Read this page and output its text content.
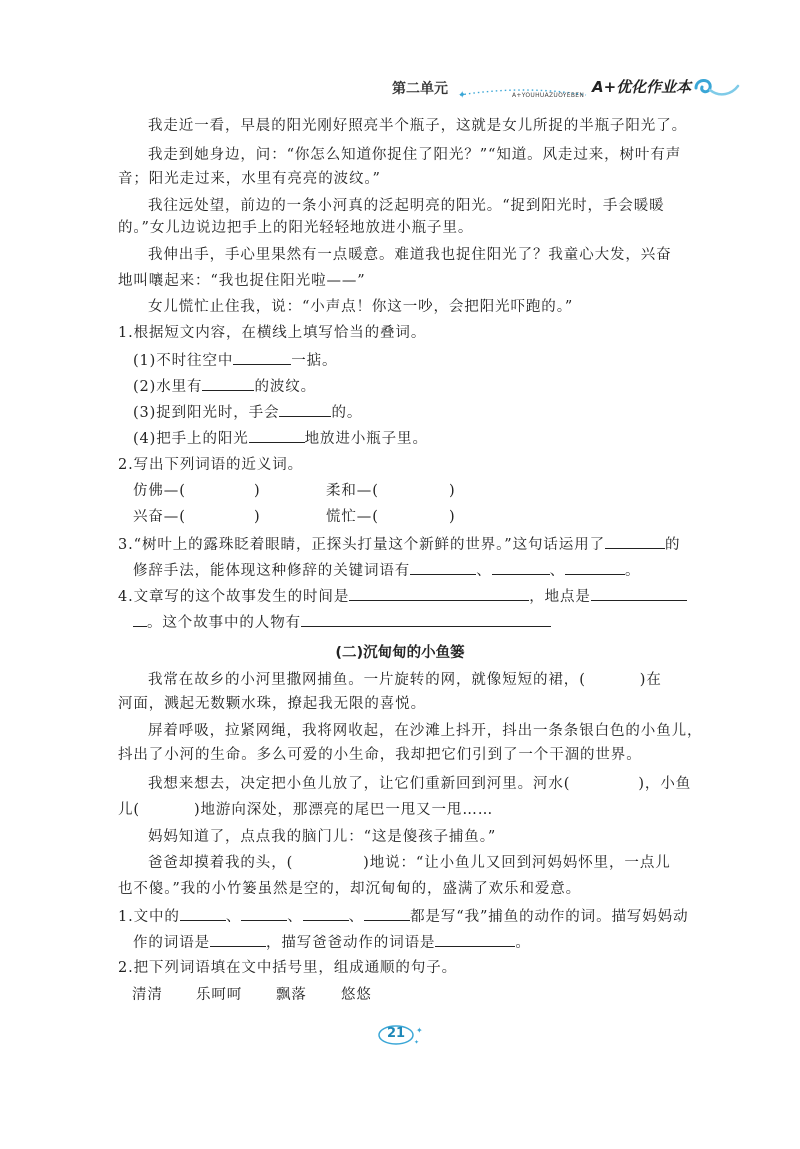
第二单元 ✦	A+YOUHUAZUOYEBEN A+优化作业本
我走近一看，早晨的阳光刚好照亮半个瓶子，这就是女儿所捉的半瓶子阳光了。
我走到她身边，问：“你怎么知道你捉住了阳光？”“知道。风走过来，树叶有声
音；阳光走过来，水里有亮亮的波纹。”
我往远处望，前边的一条小河真的泛起明亮的阳光。“捉到阳光时，手会暖暖
的。”女儿边说边把手上的阳光轻轻地放进小瓶子里。
我伸出手，手心里果然有一点暖意。难道我也捉住阳光了？我童心大发，兴奋
地叫嚷起来：“我也捉住阳光啦——”
女儿慌忙止住我，说：“小声点！你这一吵，会把阳光吓跑的。”
1.根据短文内容，在横线上填写恰当的叠词。
(1)不时往空中	一掂。
(2)水里有	的波纹。
(3)捉到阳光时，手会	的。
(4)把手上的阳光	地放进小瓶子里。
2.写出下列词语的近义词。
仿佛—(	)	柔和—(	)
兴奋—(	)	慌忙—(	)
3.“树叶上的露珠眨着眼睛，正探头打量这个新鲜的世界。”这句话运用了	的
修辞手法，能体现这种修辞的关键词语有	、	、	。
4.文章写的这个故事发生的时间是	，地点是
。这个故事中的人物有
(二)沉甸甸的小鱼篓
我常在故乡的小河里撒网捕鱼。一片旋转的网，就像短短的裙，(	)在
河面，溅起无数颗水珠，撩起我无限的喜悦。
屏着呼吸，拉紧网绳，我将网收起，在沙滩上抖开，抖出一条条银白色的小鱼儿，
抖出了小河的生命。多么可爱的小生命，我却把它们引到了一个干涸的世界。
我想来想去，决定把小鱼儿放了，让它们重新回到河里。河水(	)，小鱼
儿(	)地游向深处，那漂亮的尾巴一甩又一甩……
妈妈知道了，点点我的脑门儿：“这是傻孩子捕鱼。”
爸爸却摸着我的头，(	)地说：“让小鱼儿又回到河妈妈怀里，一点儿
也不傻。”我的小竹篓虽然是空的，却沉甸甸的，盛满了欢乐和爱意。
1.文中的	、	、	、	都是写“我”捕鱼的动作的词。描写妈妈动
作的词语是	，描写爸爸动作的词语是	。
2.把下列词语填在文中括号里，组成通顺的句子。
清清 乐呵呵 飘落 悠悠
✦
✦
21
